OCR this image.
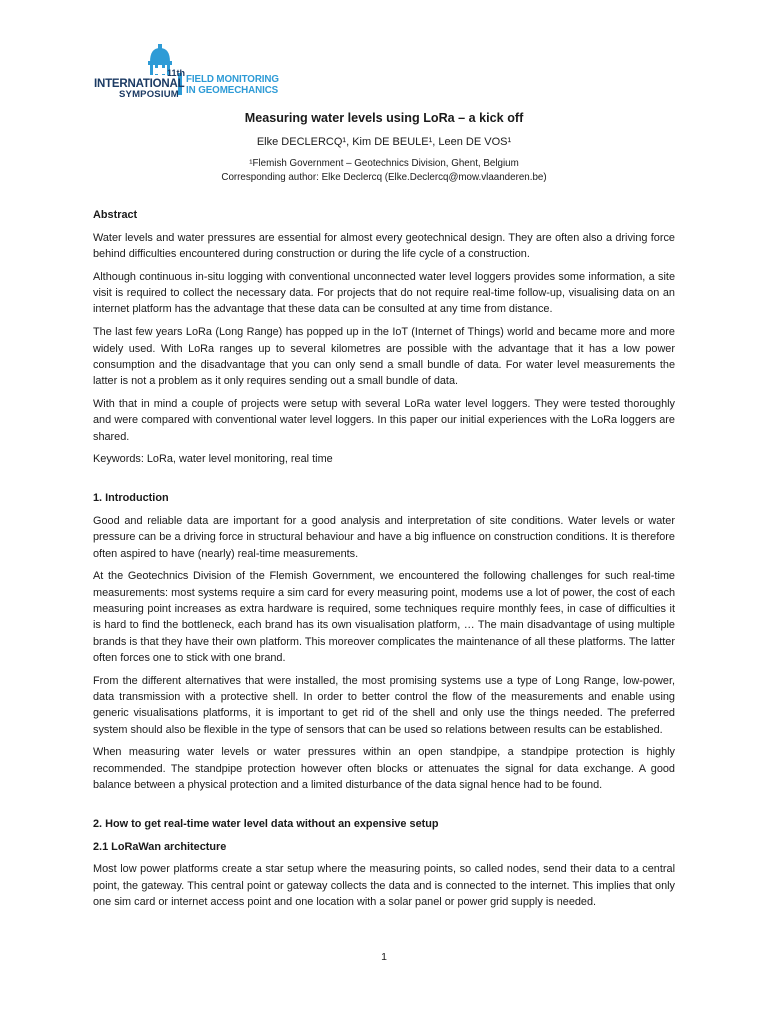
11th
INTERNATIONAL
SYMPOSIUM
FIELD MONITORING
IN GEOMECHANICS
Measuring water levels using LoRa – a kick off
Elke DECLERCQ¹, Kim DE BEULE¹, Leen DE VOS¹
¹Flemish Government – Geotechnics Division, Ghent, Belgium
Corresponding author: Elke Declercq (Elke.Declercq@mow.vlaanderen.be)
Abstract

Water levels and water pressures are essential for almost every geotechnical design. They are often also a driving force behind difficulties encountered during construction or during the life cycle of a construction.

Although continuous in-situ logging with conventional unconnected water level loggers provides some information, a site visit is required to collect the necessary data. For projects that do not require real-time follow-up, visualising data on an internet platform has the advantage that these data can be consulted at any time from distance.

The last few years LoRa (Long Range) has popped up in the IoT (Internet of Things) world and became more and more widely used. With LoRa ranges up to several kilometres are possible with the advantage that it has a low power consumption and the disadvantage that you can only send a small bundle of data. For water level measurements the latter is not a problem as it only requires sending out a small bundle of data.

With that in mind a couple of projects were setup with several LoRa water level loggers. They were tested thoroughly and were compared with conventional water level loggers. In this paper our initial experiences with the LoRa loggers are shared.

Keywords: LoRa, water level monitoring, real time

1. Introduction

Good and reliable data are important for a good analysis and interpretation of site conditions. Water levels or water pressure can be a driving force in structural behaviour and have a big influence on construction conditions. It is therefore often aspired to have (nearly) real-time measurements.

At the Geotechnics Division of the Flemish Government, we encountered the following challenges for such real-time measurements: most systems require a sim card for every measuring point, modems use a lot of power, the cost of each measuring point increases as extra hardware is required, some techniques require monthly fees, in case of difficulties it is hard to find the bottleneck, each brand has its own visualisation platform, … The main disadvantage of using multiple brands is that they have their own platform. This moreover complicates the maintenance of all these platforms. The latter often forces one to stick with one brand.

From the different alternatives that were installed, the most promising systems use a type of Long Range, low-power, data transmission with a protective shell. In order to better control the flow of the measurements and enable using generic visualisations platforms, it is important to get rid of the shell and only use the things needed. The preferred system should also be flexible in the type of sensors that can be used so relations between results can be established.

When measuring water levels or water pressures within an open standpipe, a standpipe protection is highly recommended. The standpipe protection however often blocks or attenuates the signal for data exchange. A good balance between a physical protection and a limited disturbance of the data signal hence had to be found.

2. How to get real-time water level data without an expensive setup
2.1 LoRaWan architecture

Most low power platforms create a star setup where the measuring points, so called nodes, send their data to a central point, the gateway. This central point or gateway collects the data and is connected to the internet. This implies that only one sim card or internet access point and one location with a solar panel or power grid supply is needed.

1
